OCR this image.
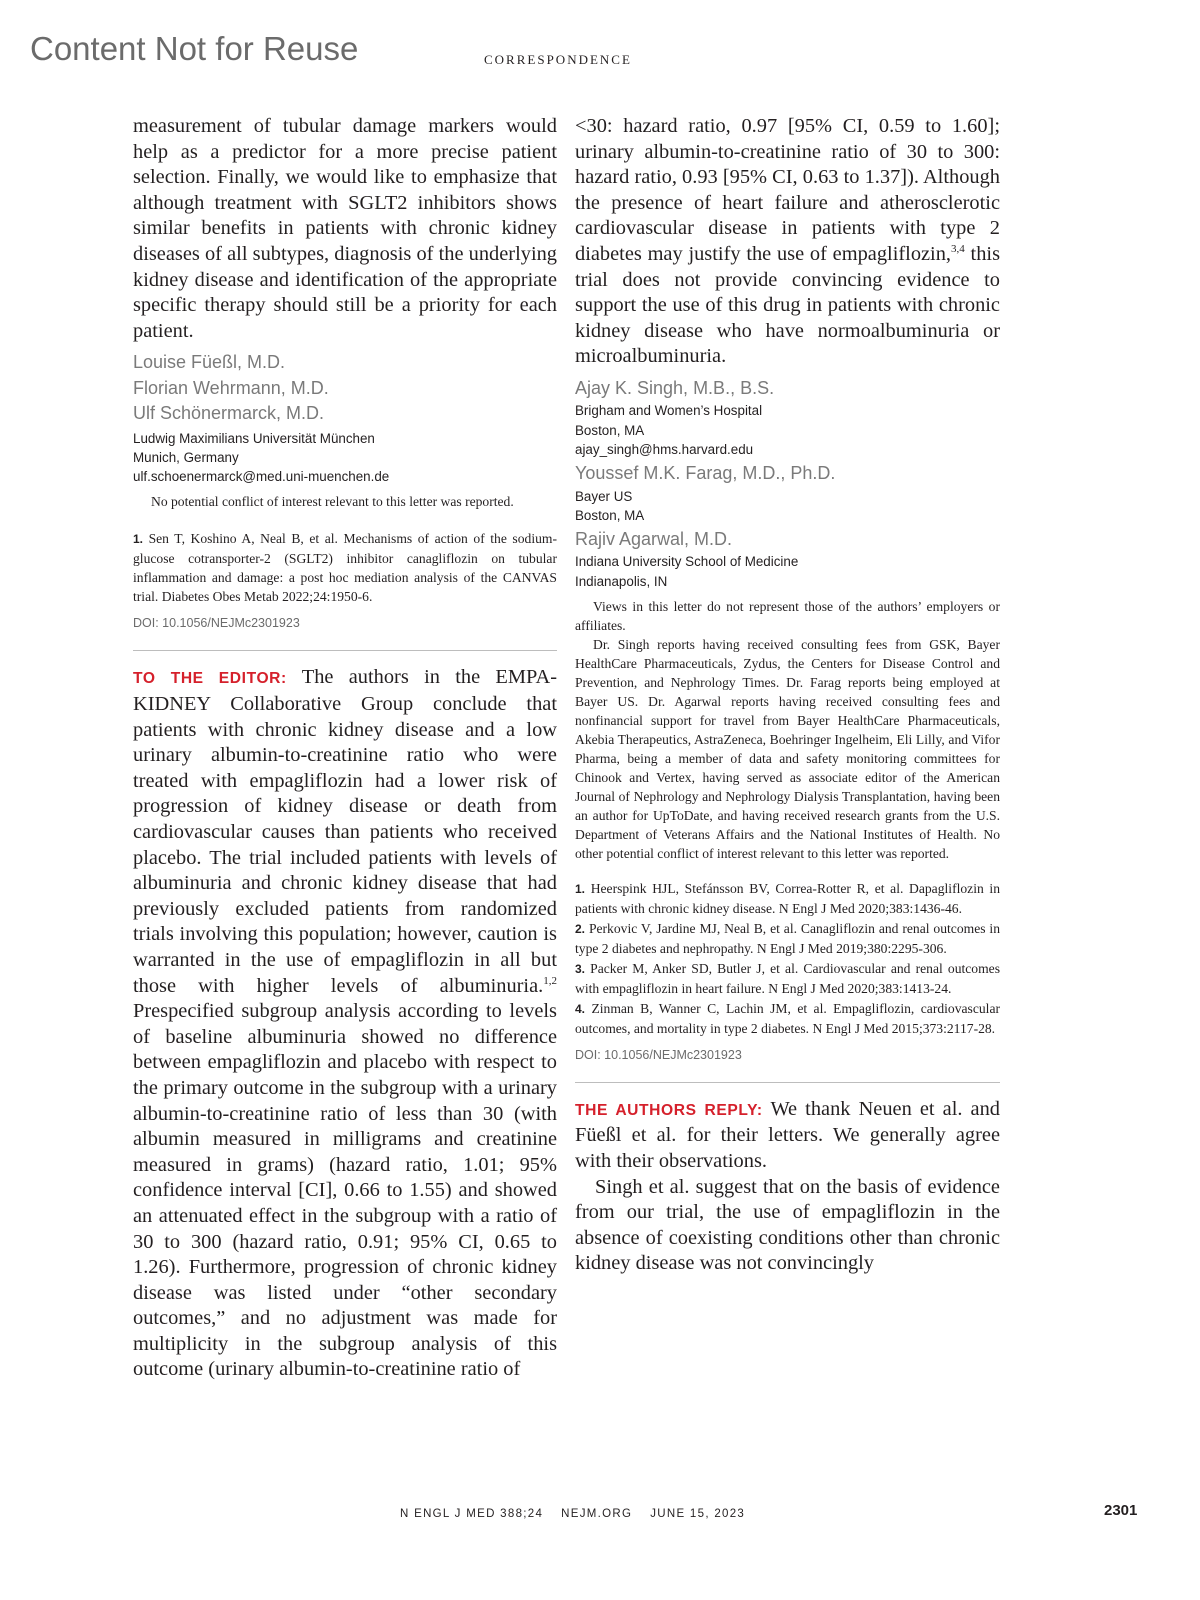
Content Not for Reuse	CORRESPONDENCE

measurement of tubular damage markers would help as a predictor for a more precise patient selection. Finally, we would like to emphasize that although treatment with SGLT2 inhibitors shows similar benefits in patients with chronic kidney diseases of all subtypes, diagnosis of the underlying kidney disease and identification of the appropriate specific therapy should still be a priority for each patient.

Louise Füeßl, M.D.
Florian Wehrmann, M.D.
Ulf Schönermarck, M.D.
Ludwig Maximilians Universität München
Munich, Germany
ulf.schoenermarck@med.uni-muenchen.de

No potential conflict of interest relevant to this letter was reported.

1. Sen T, Koshino A, Neal B, et al. Mechanisms of action of the sodium-glucose cotransporter-2 (SGLT2) inhibitor canagliflozin on tubular inflammation and damage: a post hoc mediation analysis of the CANVAS trial. Diabetes Obes Metab 2022;24:1950-6.

DOI: 10.1056/NEJMc2301923

TO THE EDITOR: The authors in the EMPA-KIDNEY Collaborative Group conclude that patients with chronic kidney disease and a low urinary albumin-to-creatinine ratio who were treated with empagliflozin had a lower risk of progression of kidney disease or death from cardiovascular causes than patients who received placebo. The trial included patients with levels of albuminuria and chronic kidney disease that had previously excluded patients from randomized trials involving this population; however, caution is warranted in the use of empagliflozin in all but those with higher levels of albuminuria.$^{1,2}$ Prespecified subgroup analysis according to levels of baseline albuminuria showed no difference between empagliflozin and placebo with respect to the primary outcome in the subgroup with a urinary albumin-to-creatinine ratio of less than 30 (with albumin measured in milligrams and creatinine measured in grams) (hazard ratio, 1.01; 95% confidence interval [CI], 0.66 to 1.55) and showed an attenuated effect in the subgroup with a ratio of 30 to 300 (hazard ratio, 0.91; 95% CI, 0.65 to 1.26). Furthermore, progression of chronic kidney disease was listed under “other secondary outcomes,” and no adjustment was made for multiplicity in the subgroup analysis of this outcome (urinary albumin-to-creatinine ratio of

<30: hazard ratio, 0.97 [95% CI, 0.59 to 1.60]; urinary albumin-to-creatinine ratio of 30 to 300: hazard ratio, 0.93 [95% CI, 0.63 to 1.37]). Although the presence of heart failure and atherosclerotic cardiovascular disease in patients with type 2 diabetes may justify the use of empagliflozin,$^{3,4}$ this trial does not provide convincing evidence to support the use of this drug in patients with chronic kidney disease who have normoalbuminuria or microalbuminuria.

Ajay K. Singh, M.B., B.S.
Brigham and Women’s Hospital
Boston, MA
ajay_singh@hms.harvard.edu
Youssef M.K. Farag, M.D., Ph.D.
Bayer US
Boston, MA
Rajiv Agarwal, M.D.
Indiana University School of Medicine
Indianapolis, IN

Views in this letter do not represent those of the authors’ employers or affiliates.

Dr. Singh reports having received consulting fees from GSK, Bayer HealthCare Pharmaceuticals, Zydus, the Centers for Disease Control and Prevention, and Nephrology Times. Dr. Farag reports being employed at Bayer US. Dr. Agarwal reports having received consulting fees and nonfinancial support for travel from Bayer HealthCare Pharmaceuticals, Akebia Therapeutics, AstraZeneca, Boehringer Ingelheim, Eli Lilly, and Vifor Pharma, being a member of data and safety monitoring committees for Chinook and Vertex, having served as associate editor of the American Journal of Nephrology and Nephrology Dialysis Transplantation, having been an author for UpToDate, and having received research grants from the U.S. Department of Veterans Affairs and the National Institutes of Health. No other potential conflict of interest relevant to this letter was reported.

1. Heerspink HJL, Stefánsson BV, Correa-Rotter R, et al. Dapagliflozin in patients with chronic kidney disease. N Engl J Med 2020;383:1436-46.

2. Perkovic V, Jardine MJ, Neal B, et al. Canagliflozin and renal outcomes in type 2 diabetes and nephropathy. N Engl J Med 2019;380:2295-306.

3. Packer M, Anker SD, Butler J, et al. Cardiovascular and renal outcomes with empagliflozin in heart failure. N Engl J Med 2020;383:1413-24.

4. Zinman B, Wanner C, Lachin JM, et al. Empagliflozin, cardiovascular outcomes, and mortality in type 2 diabetes. N Engl J Med 2015;373:2117-28.

DOI: 10.1056/NEJMc2301923

THE AUTHORS REPLY: We thank Neuen et al. and Füeßl et al. for their letters. We generally agree with their observations.

Singh et al. suggest that on the basis of evidence from our trial, the use of empagliflozin in the absence of coexisting conditions other than chronic kidney disease was not convincingly

N ENGL J MED 388;24    NEJM.ORG    JUNE 15, 2023	2301
